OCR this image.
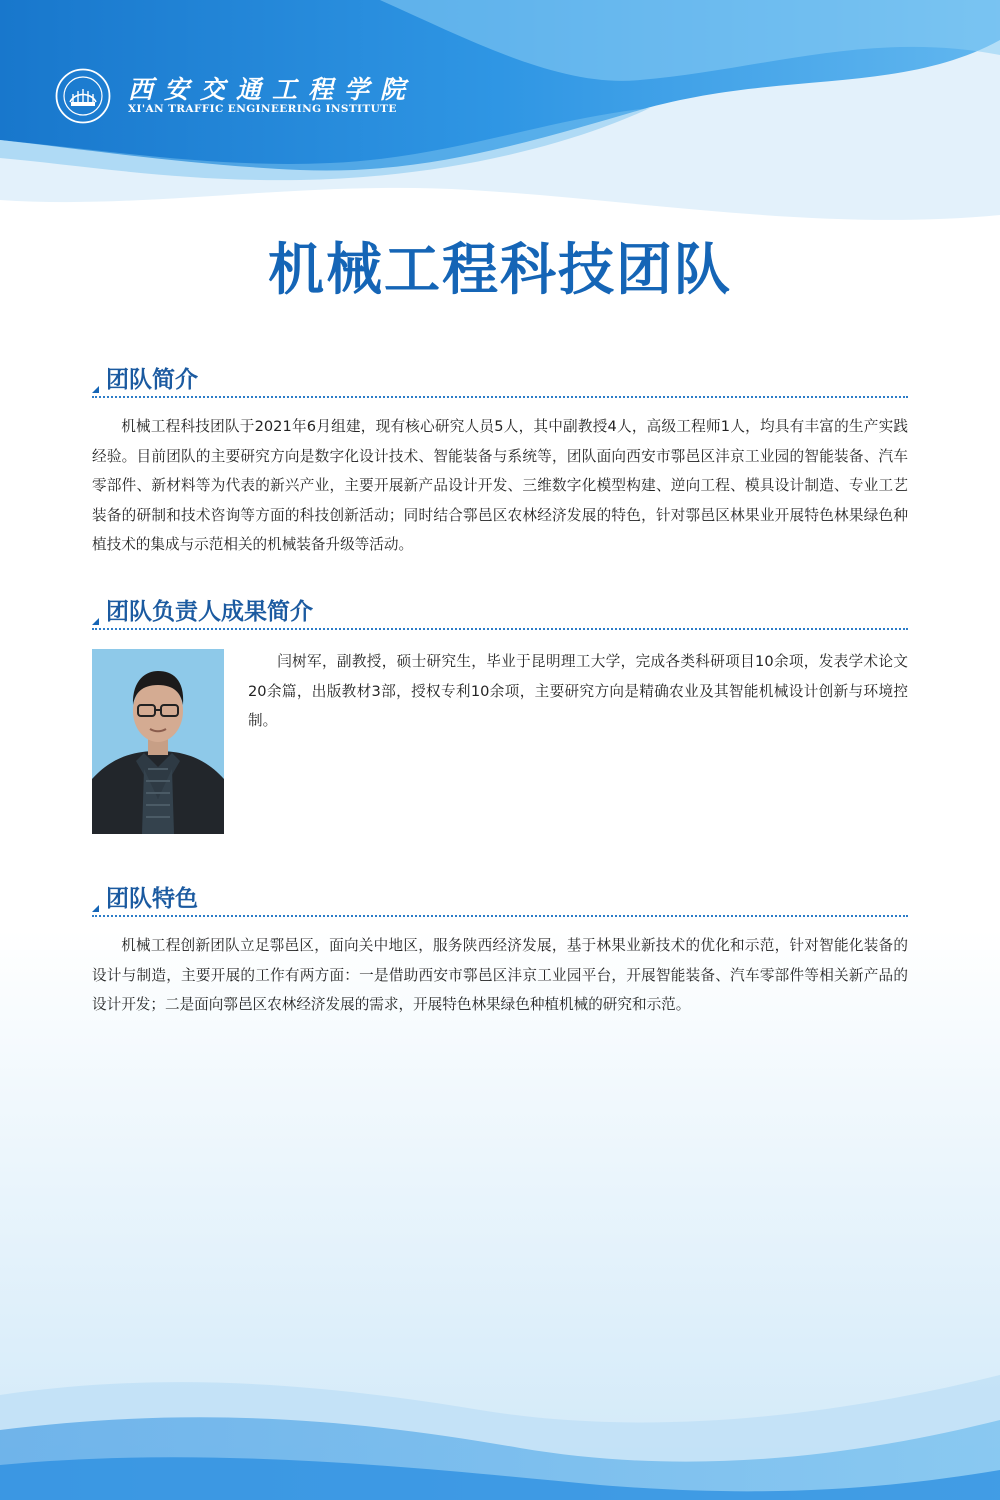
西安交通工程学院
XI'AN TRAFFIC ENGINEERING INSTITUTE
机械工程科技团队
团队简介

机械工程科技团队于2021年6月组建，现有核心研究人员5人，其中副教授4人，高级工程师1人，均具有丰富的生产实践经验。目前团队的主要研究方向是数字化设计技术、智能装备与系统等，团队面向西安市鄠邑区沣京工业园的智能装备、汽车零部件、新材料等为代表的新兴产业，主要开展新产品设计开发、三维数字化模型构建、逆向工程、模具设计制造、专业工艺装备的研制和技术咨询等方面的科技创新活动；同时结合鄠邑区农林经济发展的特色，针对鄠邑区林果业开展特色林果绿色种植技术的集成与示范相关的机械装备升级等活动。

团队负责人成果简介

闫树军，副教授，硕士研究生，毕业于昆明理工大学，完成各类科研项目10余项，发表学术论文20余篇，出版教材3部，授权专利10余项，主要研究方向是精确农业及其智能机械设计创新与环境控制。

团队特色

机械工程创新团队立足鄠邑区，面向关中地区，服务陕西经济发展，基于林果业新技术的优化和示范，针对智能化装备的设计与制造，主要开展的工作有两方面：一是借助西安市鄠邑区沣京工业园平台，开展智能装备、汽车零部件等相关新产品的设计开发；二是面向鄠邑区农林经济发展的需求，开展特色林果绿色种植机械的研究和示范。
